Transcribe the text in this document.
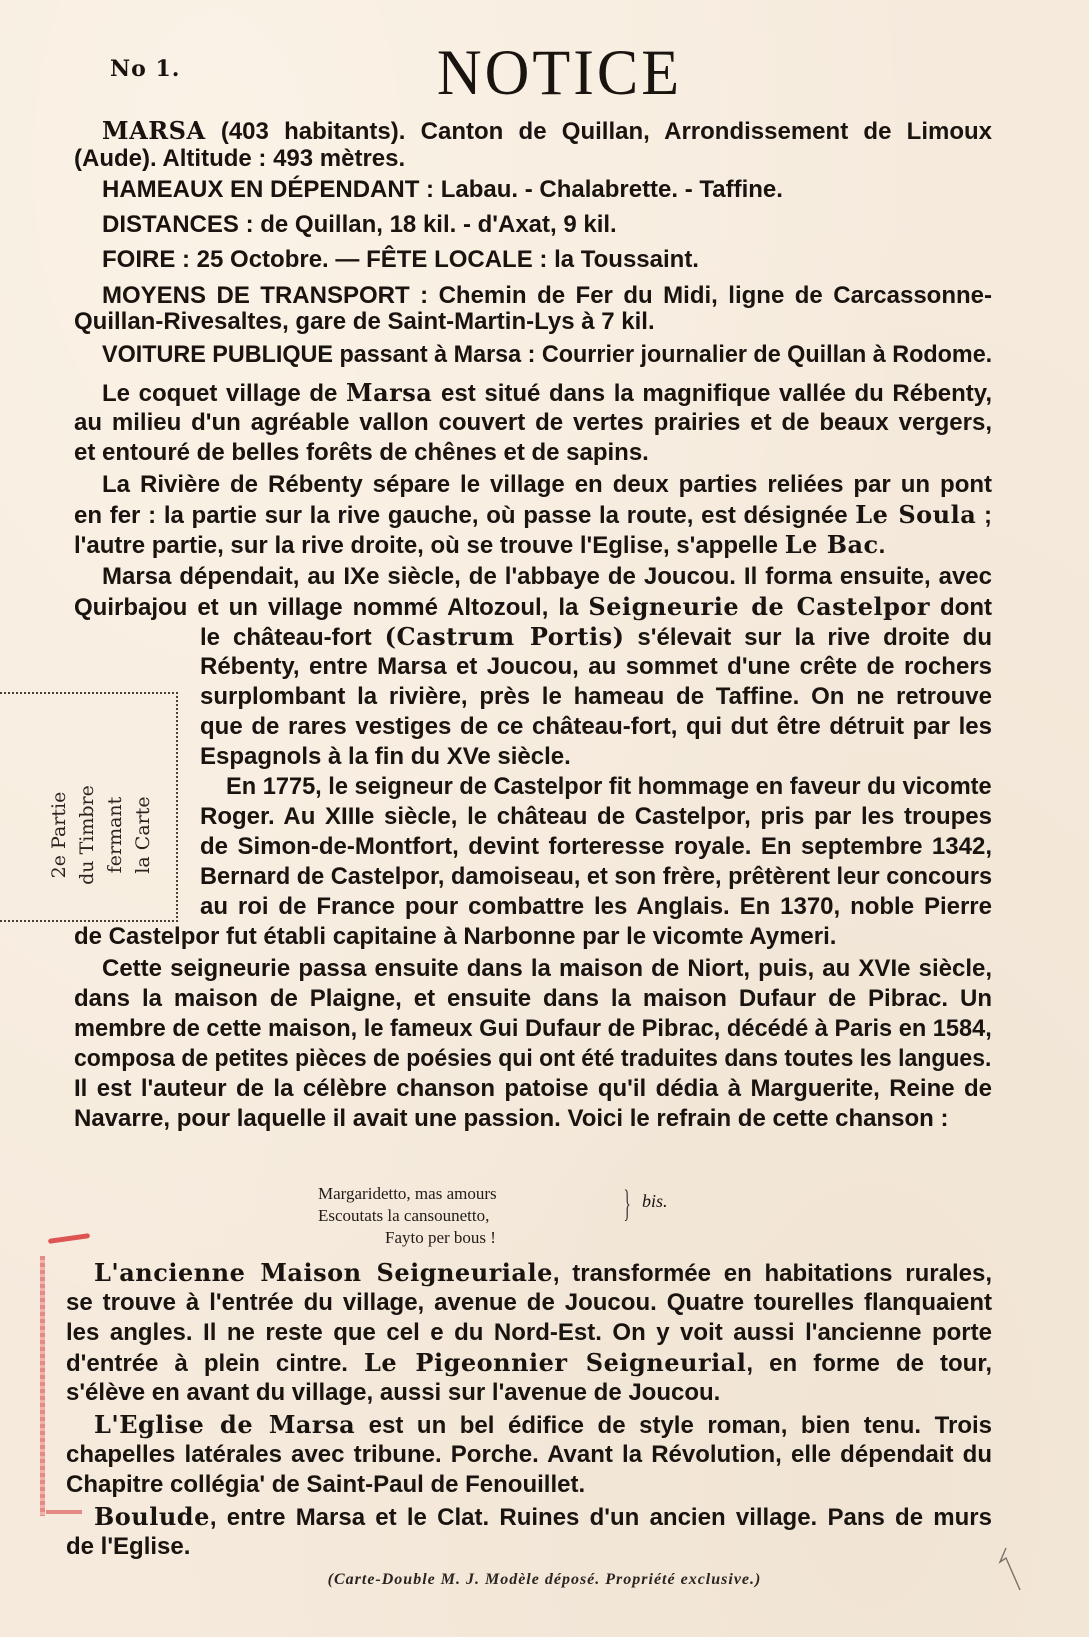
No 1.	NOTICE
MARSA (403 habitants). Canton de Quillan, Arrondissement de Limoux
(Aude). Altitude : 493 mètres.
HAMEAUX EN DÉPENDANT : Labau. - Chalabrette. - Taffine.
DISTANCES : de Quillan, 18 kil. - d'Axat, 9 kil.
FOIRE : 25 Octobre. — FÊTE LOCALE : la Toussaint.
MOYENS DE TRANSPORT : Chemin de Fer du Midi, ligne de Carcassonne-
Quillan-Rivesaltes, gare de Saint-Martin-Lys à 7 kil.
VOITURE PUBLIQUE passant à Marsa : Courrier journalier de Quillan à Rodome.
Le coquet village de Marsa est situé dans la magnifique vallée du Rébenty,
au milieu d'un agréable vallon couvert de vertes prairies et de beaux vergers,
et entouré de belles forêts de chênes et de sapins.
La Rivière de Rébenty sépare le village en deux parties reliées par un pont
en fer : la partie sur la rive gauche, où passe la route, est désignée Le Soula ;
l'autre partie, sur la rive droite, où se trouve l'Eglise, s'appelle Le Bac.
Marsa dépendait, au IXe siècle, de l'abbaye de Joucou. Il forma ensuite, avec
Quirbajou et un village nommé Altozoul, la Seigneurie de Castelpor dont
le château-fort (Castrum Portis) s'élevait sur la rive droite du
Rébenty, entre Marsa et Joucou, au sommet d'une crête de rochers
surplombant la rivière, près le hameau de Taffine. On ne retrouve
que de rares vestiges de ce château-fort, qui dut être détruit par les
Espagnols à la fin du XVe siècle.
En 1775, le seigneur de Castelpor fit hommage en faveur du vicomte
Roger. Au XIIIe siècle, le château de Castelpor, pris par les troupes
de Simon-de-Montfort, devint forteresse royale. En septembre 1342,
Bernard de Castelpor, damoiseau, et son frère, prêtèrent leur concours
au roi de France pour combattre les Anglais. En 1370, noble Pierre
de Castelpor fut établi capitaine à Narbonne par le vicomte Aymeri.
Cette seigneurie passa ensuite dans la maison de Niort, puis, au XVIe siècle,
dans la maison de Plaigne, et ensuite dans la maison Dufaur de Pibrac. Un
membre de cette maison, le fameux Gui Dufaur de Pibrac, décédé à Paris en 1584,
composa de petites pièces de poésies qui ont été traduites dans toutes les langues.
Il est l'auteur de la célèbre chanson patoise qu'il dédia à Marguerite, Reine de
Navarre, pour laquelle il avait une passion. Voici le refrain de cette chanson :
Margaridetto, mas amours
Escoutats la cansounetto,
Fayto per bous !
} bis.
L'ancienne Maison Seigneuriale, transformée en habitations rurales,
se trouve à l'entrée du village, avenue de Joucou. Quatre tourelles flanquaient
les angles. Il ne reste que cel e du Nord-Est. On y voit aussi l'ancienne porte
d'entrée à plein cintre. Le Pigeonnier Seigneurial, en forme de tour,
s'élève en avant du village, aussi sur l'avenue de Joucou.
L'Eglise de Marsa est un bel édifice de style roman, bien tenu. Trois
chapelles latérales avec tribune. Porche. Avant la Révolution, elle dépendait du
Chapitre collégia' de Saint-Paul de Fenouillet.
Boulude, entre Marsa et le Clat. Ruines d'un ancien village. Pans de murs
de l'Eglise.
2e Partie du Timbre fermant la Carte
(Carte-Double M. J. Modèle déposé. Propriété exclusive.)
